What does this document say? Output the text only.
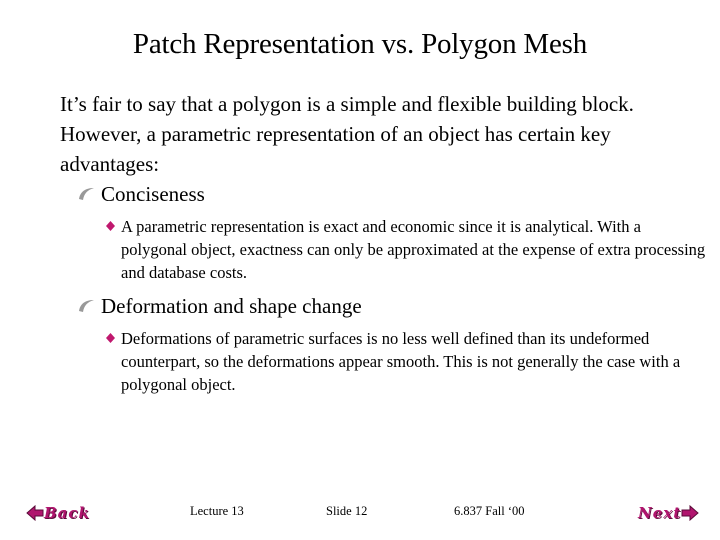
Patch Representation vs. Polygon Mesh
It’s fair to say that a polygon is a simple and flexible building block. However, a parametric representation of an object has certain key advantages:
Conciseness
A parametric representation is exact and economic since it is analytical. With a polygonal object, exactness can only be approximated at the expense of extra processing and database costs.
Deformation and shape change
Deformations of parametric surfaces is no less well defined than its undeformed counterpart, so the deformations appear smooth. This is not generally the case with a polygonal object.
Back	Lecture 13	Slide 12	6.837 Fall ‘00	Next
